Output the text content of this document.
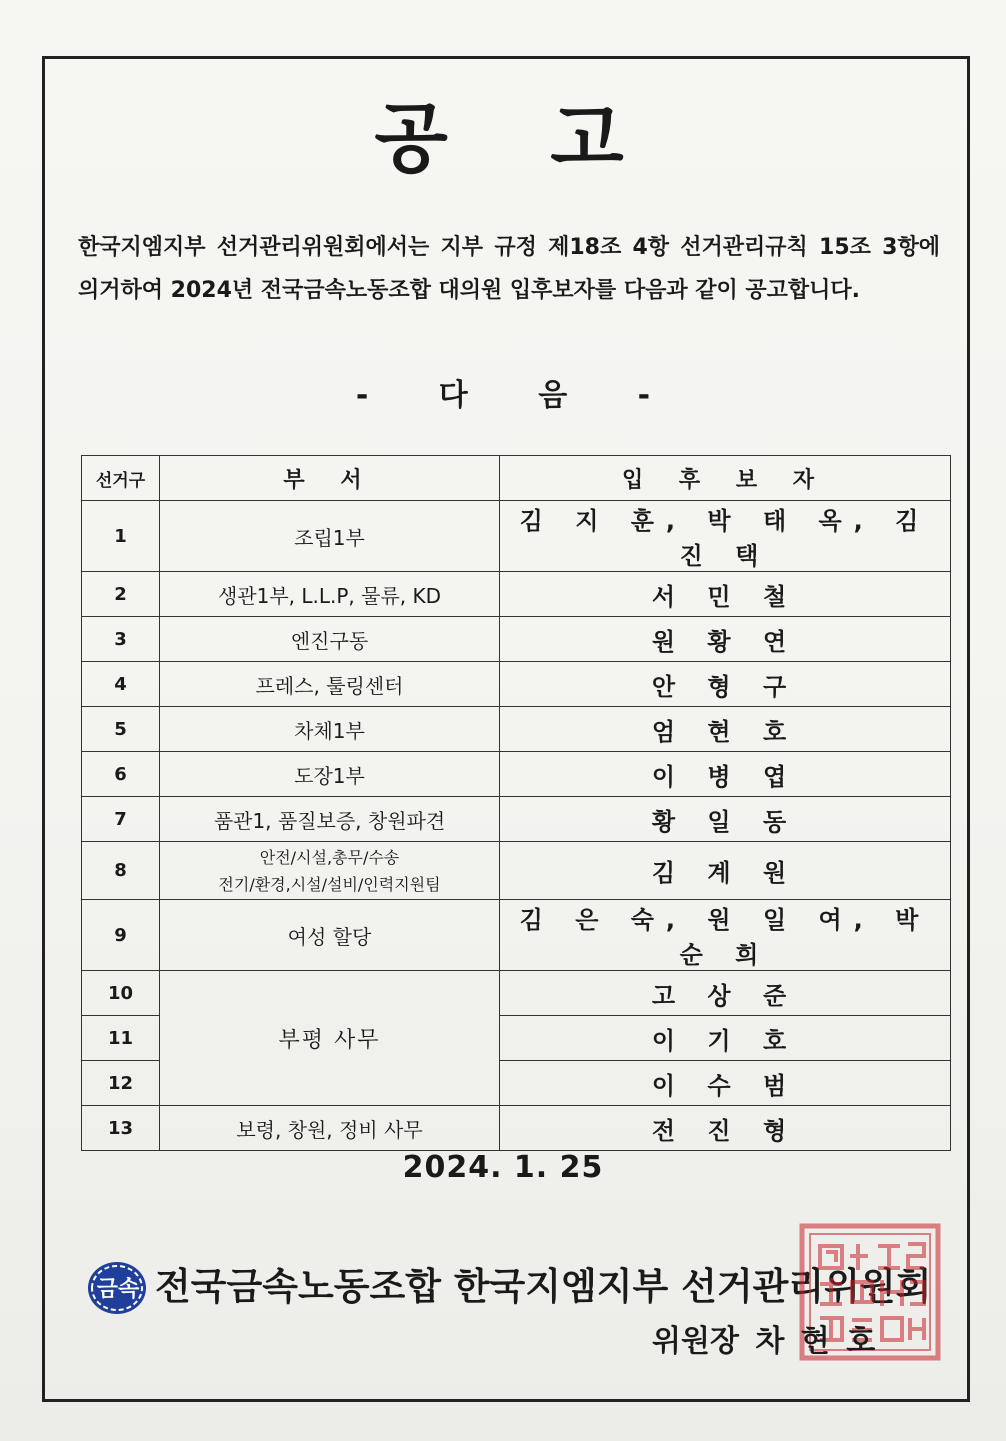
공 고
한국지엠지부 선거관리위원회에서는 지부 규정 제18조 4항 선거관리규칙 15조 3항에 의거하여 2024년 전국금속노동조합 대의원 입후보자를 다음과 같이 공고합니다.
- 다 음 -
선거구	부 서	입 후 보 자
1	조립1부	김 지 훈, 박 태 옥, 김 진 택
2	생관1부, L.L.P, 물류, KD	서 민 철
3	엔진구동	원 황 연
4	프레스, 툴링센터	안 형 구
5	차체1부	엄 현 호
6	도장1부	이 병 엽
7	품관1, 품질보증, 창원파견	황 일 동
8	안전/시설,총무/수송
전기/환경,시설/설비/인력지원팀	김 계 원
9	여성 할당	김 은 숙, 원 일 여, 박 순 희
10	부평 사무	고 상 준
11		이 기 호
12		이 수 범
13	보령, 창원, 정비 사무	전 진 형
2024. 1. 25
금속 전국금속노동조합 한국지엠지부 선거관리위원회
위원장 차 현 호
